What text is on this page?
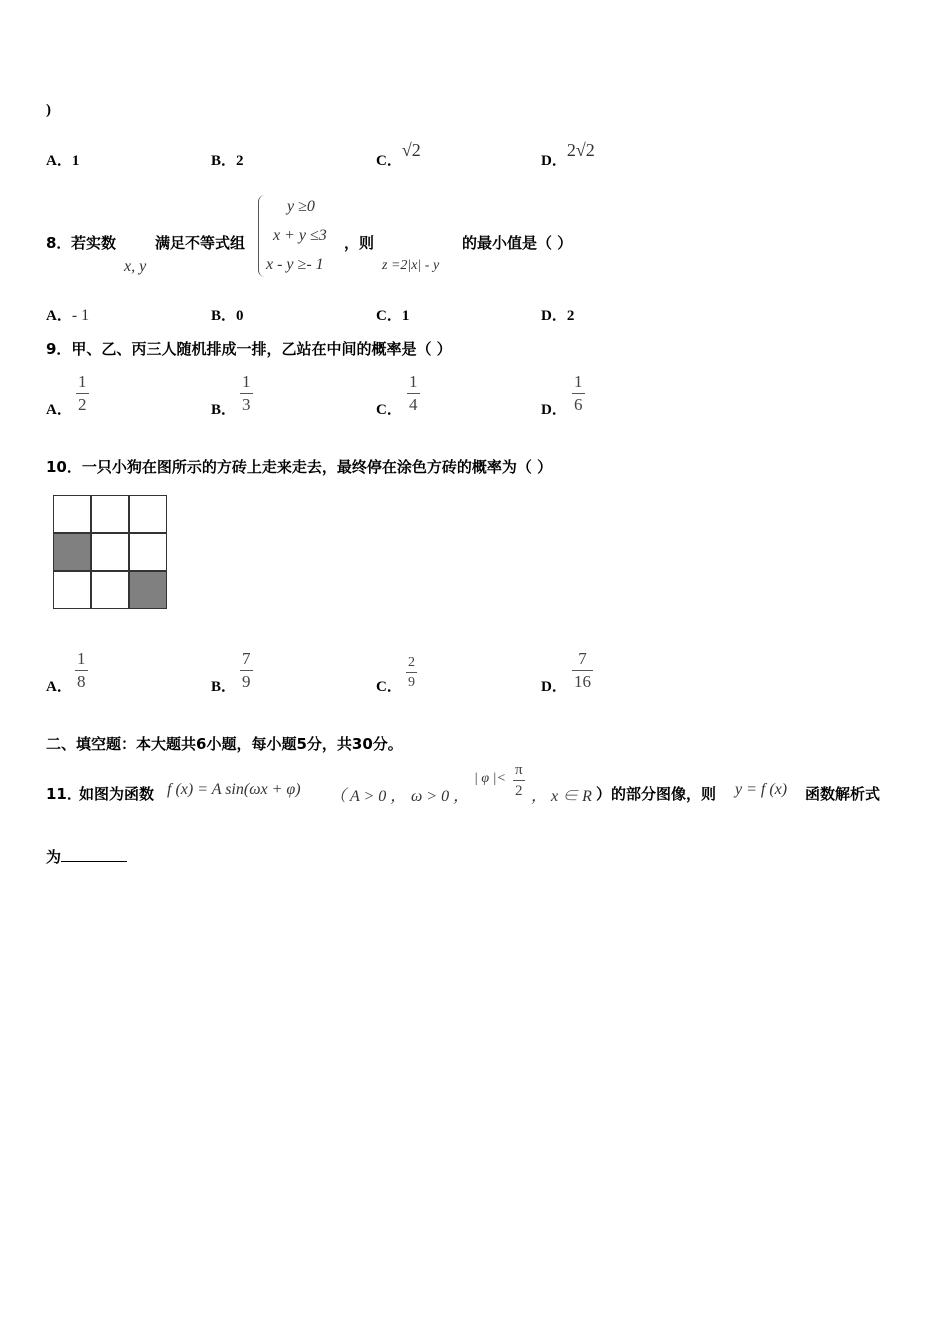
)
A．1	B．2	C．√2
D．2√2
8． 若实数
x, y
满足不等式组
y ≥0
x + y ≤3
x - y ≥- 1
，则
z =2|x| - y
的最小值是（ ）
A．- 1	B．0	C．1	D．2
9．甲、乙、丙三人随机排成一排，乙站在中间的概率是（ ）
A．
1
2	B．
1
3	C．
1
4	D．
1
6
10．一只小狗在图所示的方砖上走来走去，最终停在涂色方砖的概率为（ ）
A．
1
8	B．
7
9	C．
2
9	D．
7
16
二、填空题：本大题共6小题，每小题5分，共30分。
11．
如图为函数 f (x) = A sin(ωx + φ) （ A > 0 ， ω > 0 ，
| φ |<
π
2 ， x ∈ R ）的部分图像，则 y = f (x) 函数解析式
为
